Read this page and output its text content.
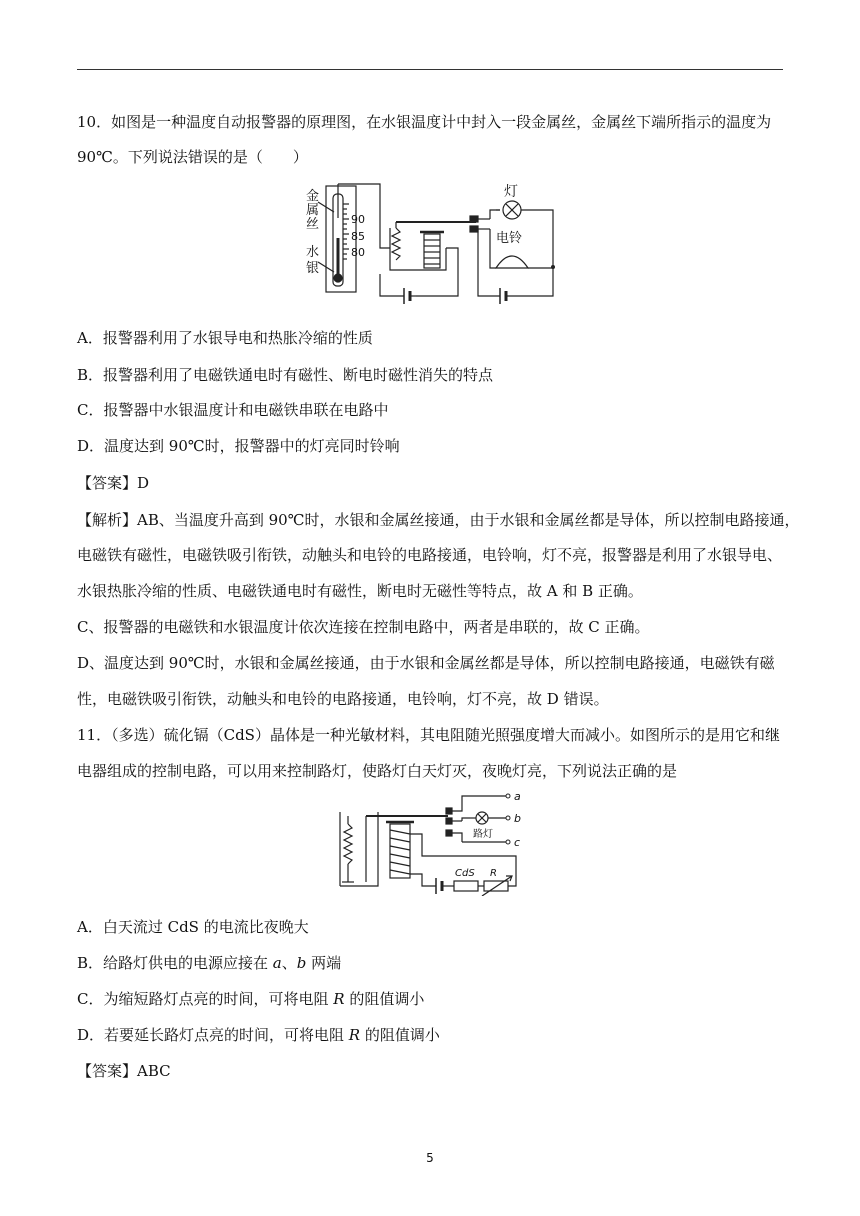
10．如图是一种温度自动报警器的原理图，在水银温度计中封入一段金属丝，金属丝下端所指示的温度为
90℃。下列说法错误的是（　　）
金
属
丝
水
银
90
85
80
灯
电铃
A．报警器利用了水银导电和热胀冷缩的性质
B．报警器利用了电磁铁通电时有磁性、断电时磁性消失的特点
C．报警器中水银温度计和电磁铁串联在电路中
D．温度达到 90℃时，报警器中的灯亮同时铃响
【答案】D
【解析】AB、当温度升高到 90℃时，水银和金属丝接通，由于水银和金属丝都是导体，所以控制电路接通，
电磁铁有磁性，电磁铁吸引衔铁，动触头和电铃的电路接通，电铃响，灯不亮，报警器是利用了水银导电、
水银热胀冷缩的性质、电磁铁通电时有磁性，断电时无磁性等特点，故 A 和 B 正确。
C、报警器的电磁铁和水银温度计依次连接在控制电路中，两者是串联的，故 C 正确。
D、温度达到 90℃时，水银和金属丝接通，由于水银和金属丝都是导体，所以控制电路接通，电磁铁有磁
性，电磁铁吸引衔铁，动触头和电铃的电路接通，电铃响，灯不亮，故 D 错误。
11．（多选）硫化镉（CdS）晶体是一种光敏材料，其电阻随光照强度增大而减小。如图所示的是用它和继
电器组成的控制电路，可以用来控制路灯，使路灯白天灯灭，夜晚灯亮，下列说法正确的是
a
b
c
路灯
CdS R
A．白天流过 CdS 的电流比夜晚大
B．给路灯供电的电源应接在 a、b 两端
C．为缩短路灯点亮的时间，可将电阻 R 的阻值调小
D．若要延长路灯点亮的时间，可将电阻 R 的阻值调小
【答案】ABC
5
